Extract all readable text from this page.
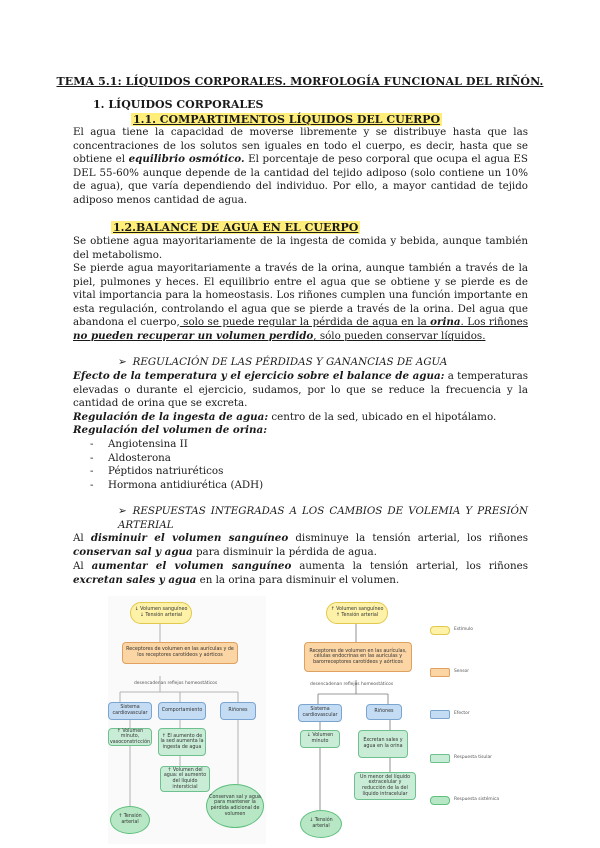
TEMA 5.1: LÍQUIDOS CORPORALES. MORFOLOGÍA FUNCIONAL DEL RIÑÓN.
1. LÍQUIDOS CORPORALES
1.1. COMPARTIMENTOS LÍQUIDOS DEL CUERPO
El agua tiene la capacidad de moverse libremente y se distribuye hasta que las concentraciones de los solutos sen iguales en todo el cuerpo, es decir, hasta que se obtiene el equilibrio osmótico. El porcentaje de peso corporal que ocupa el agua ES DEL 55-60% aunque depende de la cantidad del tejido adiposo (solo contiene un 10% de agua), que varía dependiendo del individuo. Por ello, a mayor cantidad de tejido adiposo menos cantidad de agua.
1.2.BALANCE DE AGUA EN EL CUERPO
Se obtiene agua mayoritariamente de la ingesta de comida y bebida, aunque también del metabolismo.
Se pierde agua mayoritariamente a través de la orina, aunque también a través de la piel, pulmones y heces. El equilibrio entre el agua que se obtiene y se pierde es de vital importancia para la homeostasis. Los riñones cumplen una función importante en esta regulación, controlando el agua que se pierde a través de la orina. Del agua que abandona el cuerpo, solo se puede regular la pérdida de agua en la orina. Los riñones no pueden recuperar un volumen perdido, sólo pueden conservar líquidos.
➢ REGULACIÓN DE LAS PÉRDIDAS Y GANANCIAS DE AGUA
Efecto de la temperatura y el ejercicio sobre el balance de agua: a temperaturas elevadas o durante el ejercicio, sudamos, por lo que se reduce la frecuencia y la cantidad de orina que se excreta.
Regulación de la ingesta de agua: centro de la sed, ubicado en el hipotálamo.
Regulación del volumen de orina:
-	Angiotensina II
-	Aldosterona
-	Péptidos natriuréticos
-	Hormona antidiurética (ADH)
➢ RESPUESTAS INTEGRADAS A LOS CAMBIOS DE VOLEMIA Y PRESIÓN ARTERIAL
Al disminuir el volumen sanguíneo disminuye la tensión arterial, los riñones conservan sal y agua para disminuir la pérdida de agua.
Al aumentar el volumen sanguíneo aumenta la tensión arterial, los riñones excretan sales y agua en la orina para disminuir el volumen.
↓ Volumen sanguíneo
↓ Tensión arterial
Receptores de volumen en las aurículas y de los receptores carotídeos y aórticos
desencadenan reflejos homeostáticos
Sistema cardiovascular
Comportamiento	Riñones
↑ Volumen minuto, vasoconstricción
↑ El aumento de la sed aumenta la ingesta de agua
↑ Volumen del agua: el aumento del líquido intersticial
Conservan sal y agua para mantener la pérdida adicional de volumen
↑ Tensión arterial
↑ Volumen sanguíneo
↑ Tensión arterial
Receptores de volumen en las aurículas, células endocrinas en las aurículas y barorreceptores carotídeos y aórticos
desencadenan reflejos homeostáticos
Sistema cardiovascular
Riñones
↓ Volumen minuto	Excretan sales y agua en la orina
Un menor del líquido extracelular y reducción de la del líquido intracelular
↓ Tensión arterial
Estímulo
Sensor
Efector
Respuesta tisular
Respuesta sistémica
